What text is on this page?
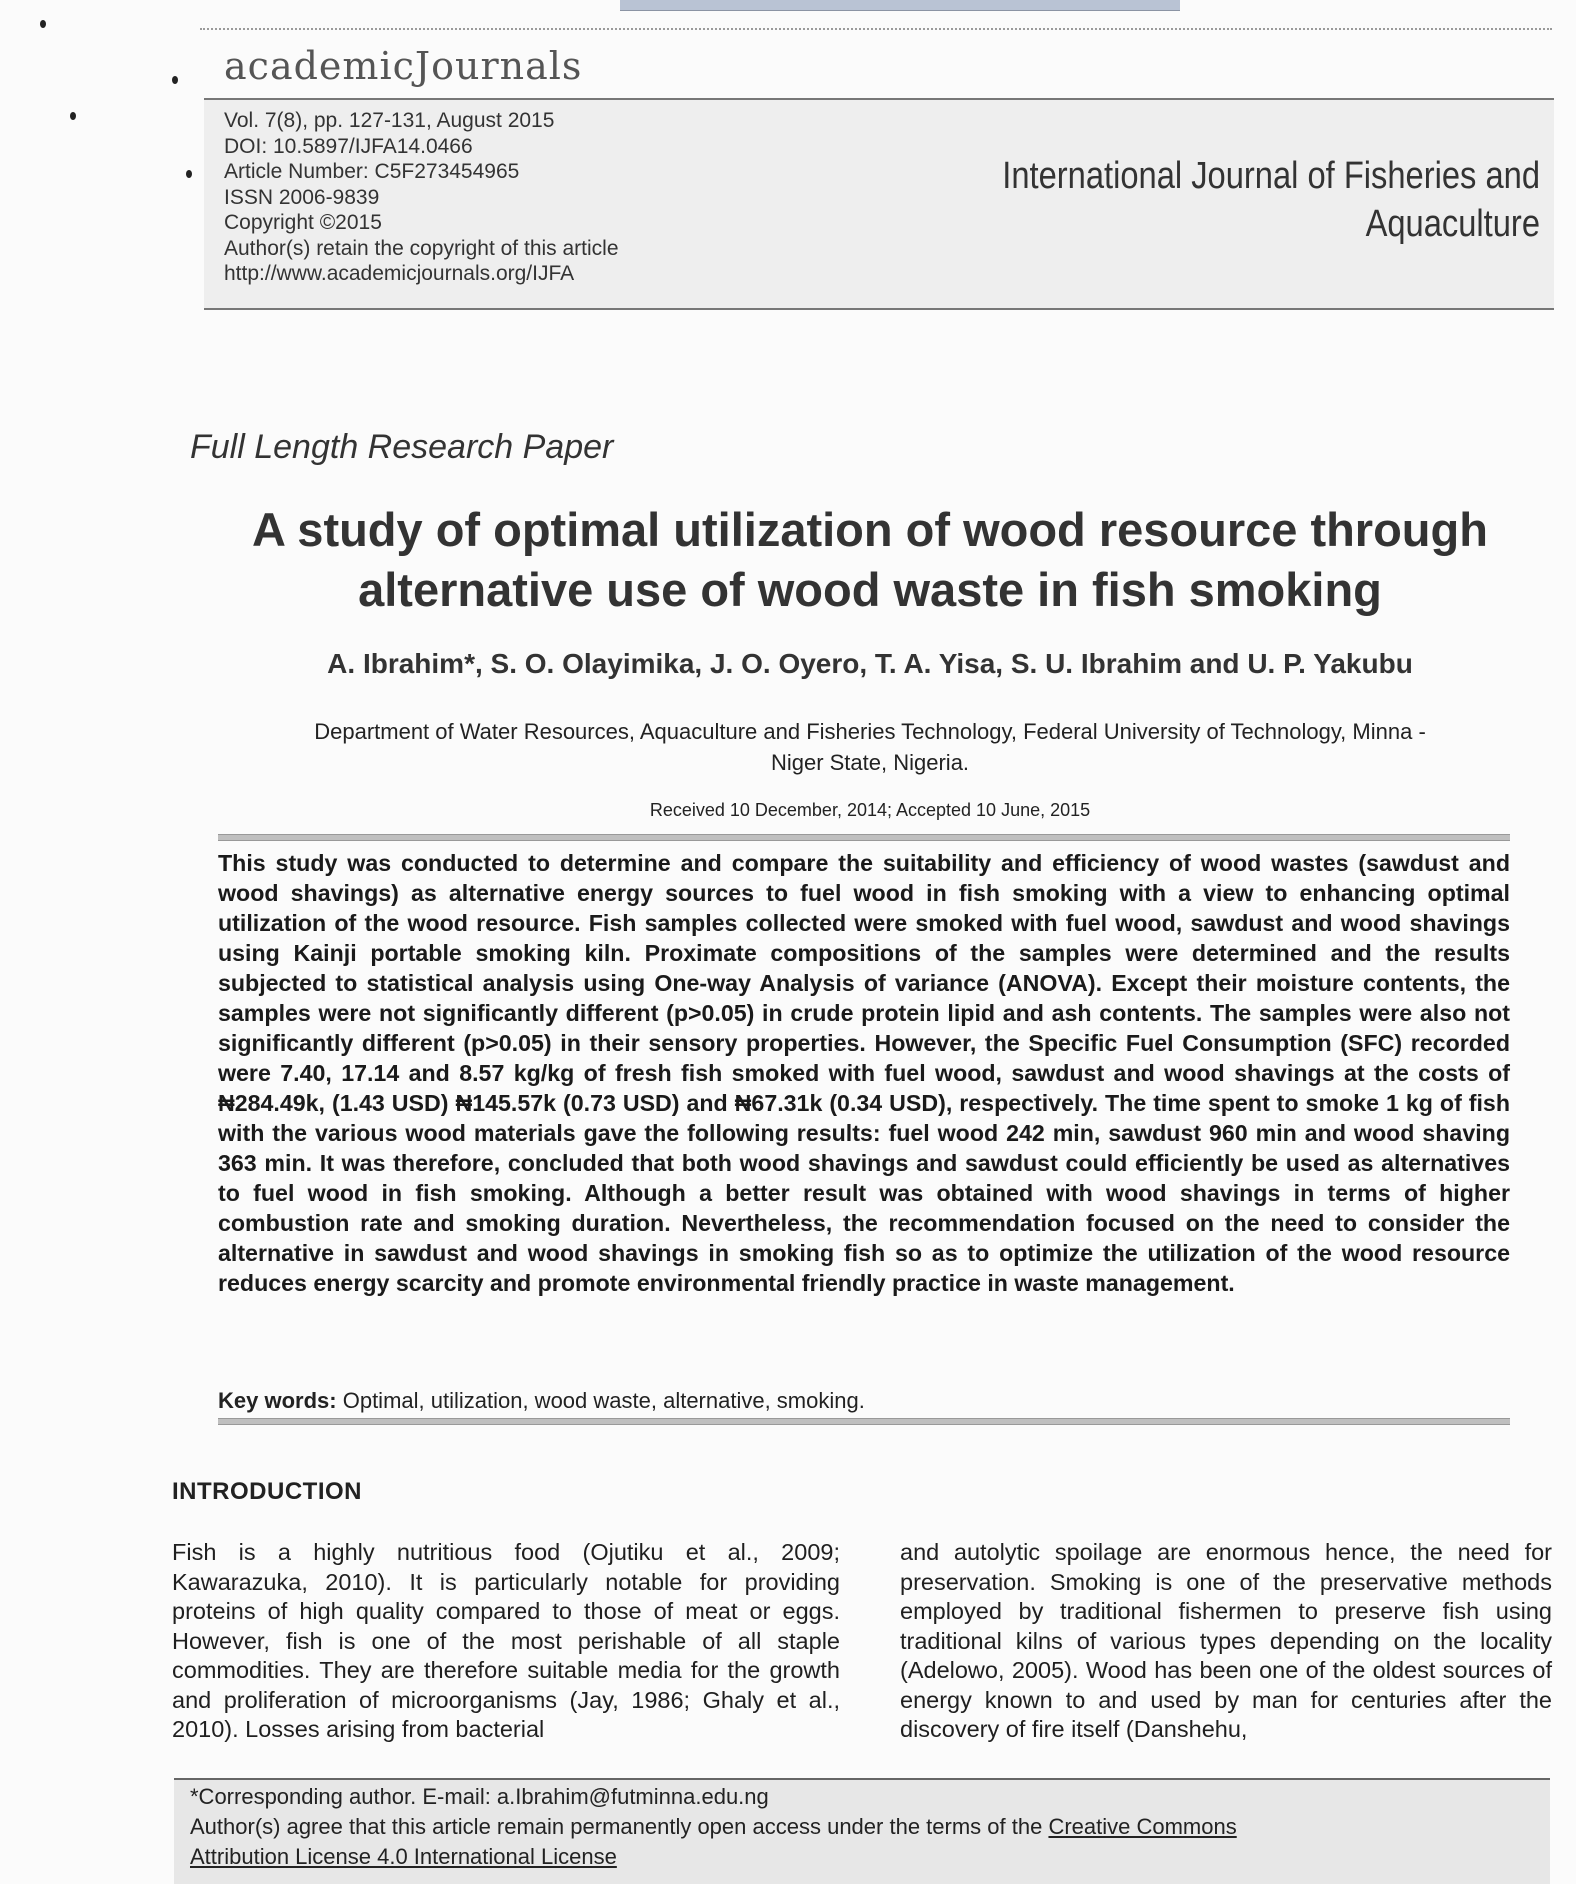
academicJournals
Vol. 7(8), pp. 127-131, August 2015
DOI: 10.5897/IJFA14.0466
Article Number: C5F273454965
ISSN 2006-9839
Copyright ©2015
Author(s) retain the copyright of this article
http://www.academicjournals.org/IJFA
International Journal of Fisheries and
Aquaculture
Full Length Research Paper
A study of optimal utilization of wood resource through
alternative use of wood waste in fish smoking
A. Ibrahim*, S. O. Olayimika, J. O. Oyero, T. A. Yisa, S. U. Ibrahim and U. P. Yakubu
Department of Water Resources, Aquaculture and Fisheries Technology, Federal University of Technology, Minna -
Niger State, Nigeria.
Received 10 December, 2014; Accepted 10 June, 2015
This study was conducted to determine and compare the suitability and efficiency of wood wastes (sawdust and wood shavings) as alternative energy sources to fuel wood in fish smoking with a view to enhancing optimal utilization of the wood resource. Fish samples collected were smoked with fuel wood, sawdust and wood shavings using Kainji portable smoking kiln. Proximate compositions of the samples were determined and the results subjected to statistical analysis using One-way Analysis of variance (ANOVA). Except their moisture contents, the samples were not significantly different (p>0.05) in crude protein lipid and ash contents. The samples were also not significantly different (p>0.05) in their sensory properties. However, the Specific Fuel Consumption (SFC) recorded were 7.40, 17.14 and 8.57 kg/kg of fresh fish smoked with fuel wood, sawdust and wood shavings at the costs of ₦284.49k, (1.43 USD) ₦145.57k (0.73 USD) and ₦67.31k (0.34 USD), respectively. The time spent to smoke 1 kg of fish with the various wood materials gave the following results: fuel wood 242 min, sawdust 960 min and wood shaving 363 min. It was therefore, concluded that both wood shavings and sawdust could efficiently be used as alternatives to fuel wood in fish smoking. Although a better result was obtained with wood shavings in terms of higher combustion rate and smoking duration. Nevertheless, the recommendation focused on the need to consider the alternative in sawdust and wood shavings in smoking fish so as to optimize the utilization of the wood resource reduces energy scarcity and promote environmental friendly practice in waste management.
Key words: Optimal, utilization, wood waste, alternative, smoking.
INTRODUCTION
Fish is a highly nutritious food (Ojutiku et al., 2009; Kawarazuka, 2010). It is particularly notable for providing proteins of high quality compared to those of meat or eggs. However, fish is one of the most perishable of all staple commodities. They are therefore suitable media for the growth and proliferation of microorganisms (Jay, 1986; Ghaly et al., 2010). Losses arising from bacterial
and autolytic spoilage are enormous hence, the need for preservation. Smoking is one of the preservative methods employed by traditional fishermen to preserve fish using traditional kilns of various types depending on the locality (Adelowo, 2005). Wood has been one of the oldest sources of energy known to and used by man for centuries after the discovery of fire itself (Danshehu,
*Corresponding author. E-mail: a.Ibrahim@futminna.edu.ng
Author(s) agree that this article remain permanently open access under the terms of the Creative Commons
Attribution License 4.0 International License
